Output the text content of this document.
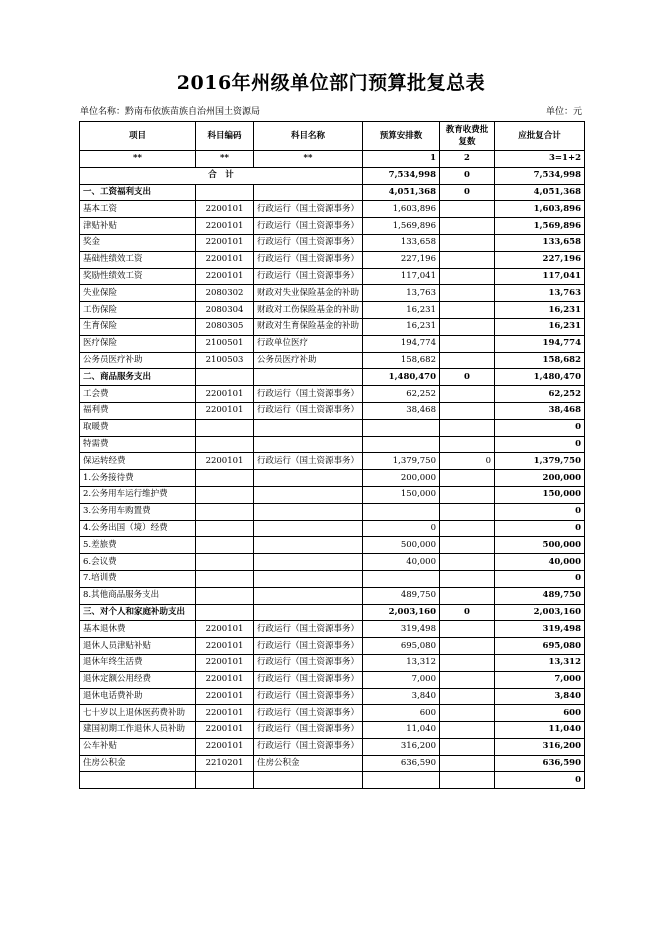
2016年州级单位部门预算批复总表
单位名称：黔南布依族苗族自治州国土资源局	单位：元
项目	科目编码	科目名称	预算安排数	教育收费批复数	应批复合计
**	**	**	1	2	3=1+2
合　计			7,534,998	0	7,534,998
一、工资福利支出			4,051,368	0	4,051,368
基本工资	2200101	行政运行（国土资源事务）	1,603,896		1,603,896
津贴补贴	2200101	行政运行（国土资源事务）	1,569,896		1,569,896
奖金	2200101	行政运行（国土资源事务）	133,658		133,658
基础性绩效工资	2200101	行政运行（国土资源事务）	227,196		227,196
奖励性绩效工资	2200101	行政运行（国土资源事务）	117,041		117,041
失业保险	2080302	财政对失业保险基金的补助	13,763		13,763
工伤保险	2080304	财政对工伤保险基金的补助	16,231		16,231
生育保险	2080305	财政对生育保险基金的补助	16,231		16,231
医疗保险	2100501	行政单位医疗	194,774		194,774
公务员医疗补助	2100503	公务员医疗补助	158,682		158,682
二、商品服务支出			1,480,470	0	1,480,470
工会费	2200101	行政运行（国土资源事务）	62,252		62,252
福利费	2200101	行政运行（国土资源事务）	38,468		38,468
取暖费					0
特需费					0
保运转经费	2200101	行政运行（国土资源事务）	1,379,750	0	1,379,750
1.公务接待费			200,000		200,000
2.公务用车运行维护费			150,000		150,000
3.公务用车购置费					0
4.公务出国（境）经费			0		0
5.差旅费			500,000		500,000
6.会议费			40,000		40,000
7.培训费					0
8.其他商品服务支出			489,750		489,750
三、对个人和家庭补助支出			2,003,160	0	2,003,160
基本退休费	2200101	行政运行（国土资源事务）	319,498		319,498
退休人员津贴补贴	2200101	行政运行（国土资源事务）	695,080		695,080
退休年终生活费	2200101	行政运行（国土资源事务）	13,312		13,312
退休定额公用经费	2200101	行政运行（国土资源事务）	7,000		7,000
退休电话费补助	2200101	行政运行（国土资源事务）	3,840		3,840
七十岁以上退休医药费补助	2200101	行政运行（国土资源事务）	600		600
建国初期工作退休人员补助	2200101	行政运行（国土资源事务）	11,040		11,040
公车补贴	2200101	行政运行（国土资源事务）	316,200		316,200
住房公积金	2210201	住房公积金	636,590		636,590
					0
